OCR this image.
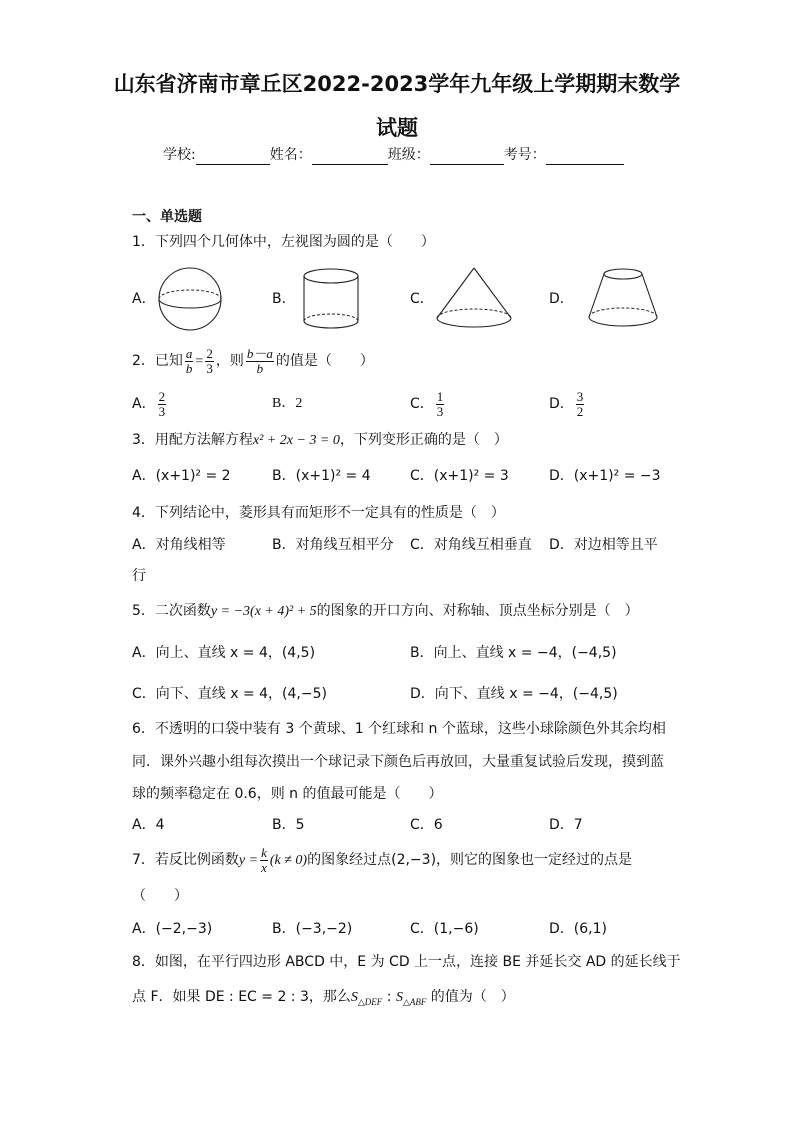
山东省济南市章丘区2022-2023学年九年级上学期期末数学
试题
学校:	姓名：	班级：	考号：
一、单选题
1．下列四个几何体中，左视图为圆的是（　　）
A．	B．	C．	D．
2．已知 $\frac{a}{b} = \frac{2}{3}$ ，则 $\frac{b-a}{b}$ 的值是（　　）
A． $\frac{2}{3}$	B．2	C． $\frac{1}{3}$	D． $\frac{3}{2}$
3．用配方法解方程x² + 2x − 3 = 0，下列变形正确的是（　）
A．(x+1)² = 2	B．(x+1)² = 4	C．(x+1)² = 3	D．(x+1)² = −3
4．下列结论中，菱形具有而矩形不一定具有的性质是（　）
A．对角线相等	B．对角线互相平分 C．对角线互相垂直 D．对边相等且平
行
5．二次函数y = −3(x + 4)² + 5的图象的开口方向、对称轴、顶点坐标分别是（　）
A．向上、直线 x = 4，(4,5)	B．向上、直线 x = −4，(−4,5)
C．向下、直线 x = 4，(4,−5)	D．向下、直线 x = −4，(−4,5)
6．不透明的口袋中装有 3 个黄球、1 个红球和 n 个蓝球，这些小球除颜色外其余均相
同．课外兴趣小组每次摸出一个球记录下颜色后再放回，大量重复试验后发现，摸到蓝
球的频率稳定在 0.6，则 n 的值最可能是（　　）
A．4	B．5	C．6	D．7
7．若反比例函数$y = \frac{k}{x} (k \ne 0)$的图象经过点(2,−3)，则它的图象也一定经过的点是
（　　）
A．(−2,−3)	B．(−3,−2)	C．(1,−6)	D．(6,1)
8．如图，在平行四边形 ABCD 中，E 为 CD 上一点，连接 BE 并延长交 AD 的延长线于
点 F．如果 DE : EC = 2 : 3，那么$S_{\triangle DEF}$ : $S_{\triangle ABF}$ 的值为（　）
